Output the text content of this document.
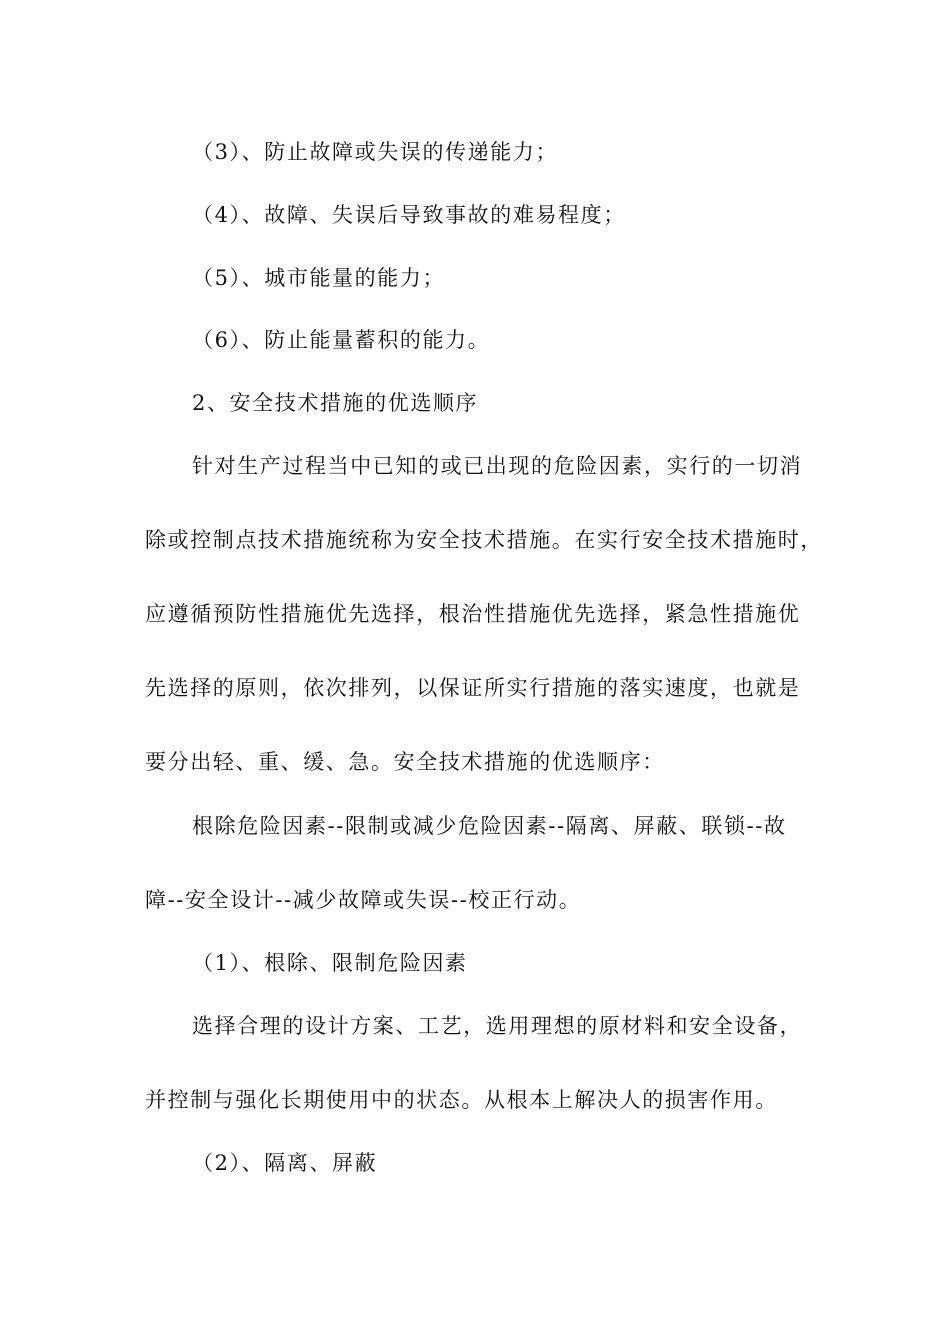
（3）、防止故障或失误的传递能力；
（4）、故障、失误后导致事故的难易程度；
（5）、城市能量的能力；
（6）、防止能量蓄积的能力。
2、安全技术措施的优选顺序
针对生产过程当中已知的或已出现的危险因素，实行的一切消
除或控制点技术措施统称为安全技术措施。在实行安全技术措施时，
应遵循预防性措施优先选择，根治性措施优先选择，紧急性措施优
先选择的原则，依次排列，以保证所实行措施的落实速度，也就是
要分出轻、重、缓、急。安全技术措施的优选顺序：
根除危险因素--限制或减少危险因素--隔离、屏蔽、联锁--故
障--安全设计--减少故障或失误--校正行动。
（1）、根除、限制危险因素
选择合理的设计方案、工艺，选用理想的原材料和安全设备，
并控制与强化长期使用中的状态。从根本上解决人的损害作用。
（2）、隔离、屏蔽
